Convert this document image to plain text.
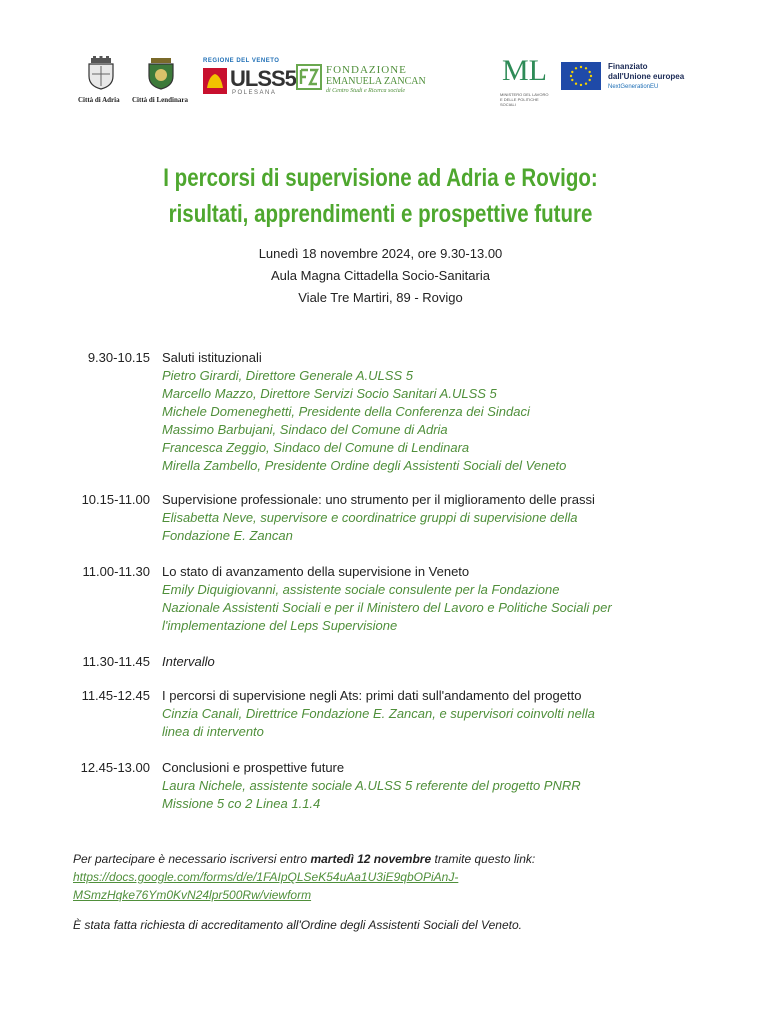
Città di Adria Città di Lendinara
REGIONE DEL VENETO
ULSS5
POLESANA
FONDAZIONE
EMANUELA ZANCAN
di Centro Studi e Ricerca sociale
ML
MINISTERO DEL LAVORO E DELLE POLITICHE SOCIALI
Finanziato
dall'Unione europea
NextGenerationEU
I percorsi di supervisione ad Adria e Rovigo:
risultati, apprendimenti e prospettive future
Lunedì 18 novembre 2024, ore 9.30-13.00
Aula Magna Cittadella Socio-Sanitaria
Viale Tre Martiri, 89 - Rovigo
9.30-10.15 Saluti istituzionali
Pietro Girardi, Direttore Generale A.ULSS 5
Marcello Mazzo, Direttore Servizi Socio Sanitari A.ULSS 5
Michele Domeneghetti, Presidente della Conferenza dei Sindaci
Massimo Barbujani, Sindaco del Comune di Adria
Francesca Zeggio, Sindaco del Comune di Lendinara
Mirella Zambello, Presidente Ordine degli Assistenti Sociali del Veneto
10.15-11.00 Supervisione professionale: uno strumento per il miglioramento delle prassi
Elisabetta Neve, supervisore e coordinatrice gruppi di supervisione della
Fondazione E. Zancan
11.00-11.30 Lo stato di avanzamento della supervisione in Veneto
Emily Diquigiovanni, assistente sociale consulente per la Fondazione
Nazionale Assistenti Sociali e per il Ministero del Lavoro e Politiche Sociali per
l'implementazione del Leps Supervisione
11.30-11.45 Intervallo
11.45-12.45 I percorsi di supervisione negli Ats: primi dati sull'andamento del progetto
Cinzia Canali, Direttrice Fondazione E. Zancan, e supervisori coinvolti nella
linea di intervento
12.45-13.00 Conclusioni e prospettive future
Laura Nichele, assistente sociale A.ULSS 5 referente del progetto PNRR
Missione 5 co 2 Linea 1.1.4
Per partecipare è necessario iscriversi entro martedì 12 novembre tramite questo link:
https://docs.google.com/forms/d/e/1FAIpQLSeK54uAa1U3iE9qbOPiAnJ-
MSmzHqke76Ym0KvN24lpr500Rw/viewform
È stata fatta richiesta di accreditamento all'Ordine degli Assistenti Sociali del Veneto.
